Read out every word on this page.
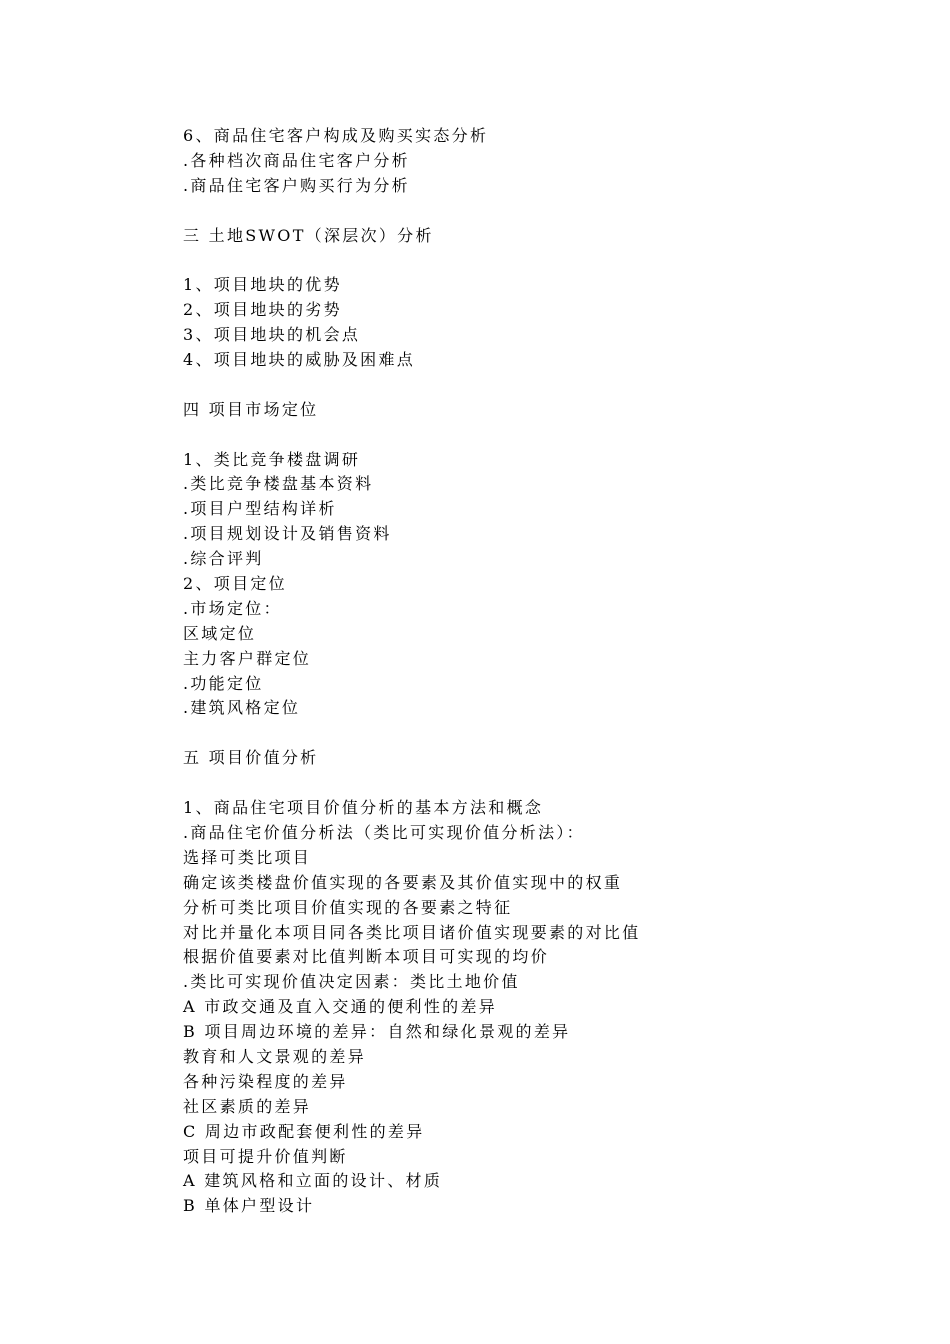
6、商品住宅客户构成及购买实态分析
.各种档次商品住宅客户分析
.商品住宅客户购买行为分析
三 土地SWOT（深层次）分析
1、项目地块的优势
2、项目地块的劣势
3、项目地块的机会点
4、项目地块的威胁及困难点
四 项目市场定位
1、类比竞争楼盘调研
.类比竞争楼盘基本资料
.项目户型结构详析
.项目规划设计及销售资料
.综合评判
2、项目定位
.市场定位：
区域定位
主力客户群定位
.功能定位
.建筑风格定位
五 项目价值分析
1、商品住宅项目价值分析的基本方法和概念
.商品住宅价值分析法（类比可实现价值分析法）：
选择可类比项目
确定该类楼盘价值实现的各要素及其价值实现中的权重
分析可类比项目价值实现的各要素之特征
对比并量化本项目同各类比项目诸价值实现要素的对比值
根据价值要素对比值判断本项目可实现的均价
.类比可实现价值决定因素：类比土地价值
A 市政交通及直入交通的便利性的差异
B 项目周边环境的差异：自然和绿化景观的差异
教育和人文景观的差异
各种污染程度的差异
社区素质的差异
C 周边市政配套便利性的差异
项目可提升价值判断
A 建筑风格和立面的设计、材质
B 单体户型设计
